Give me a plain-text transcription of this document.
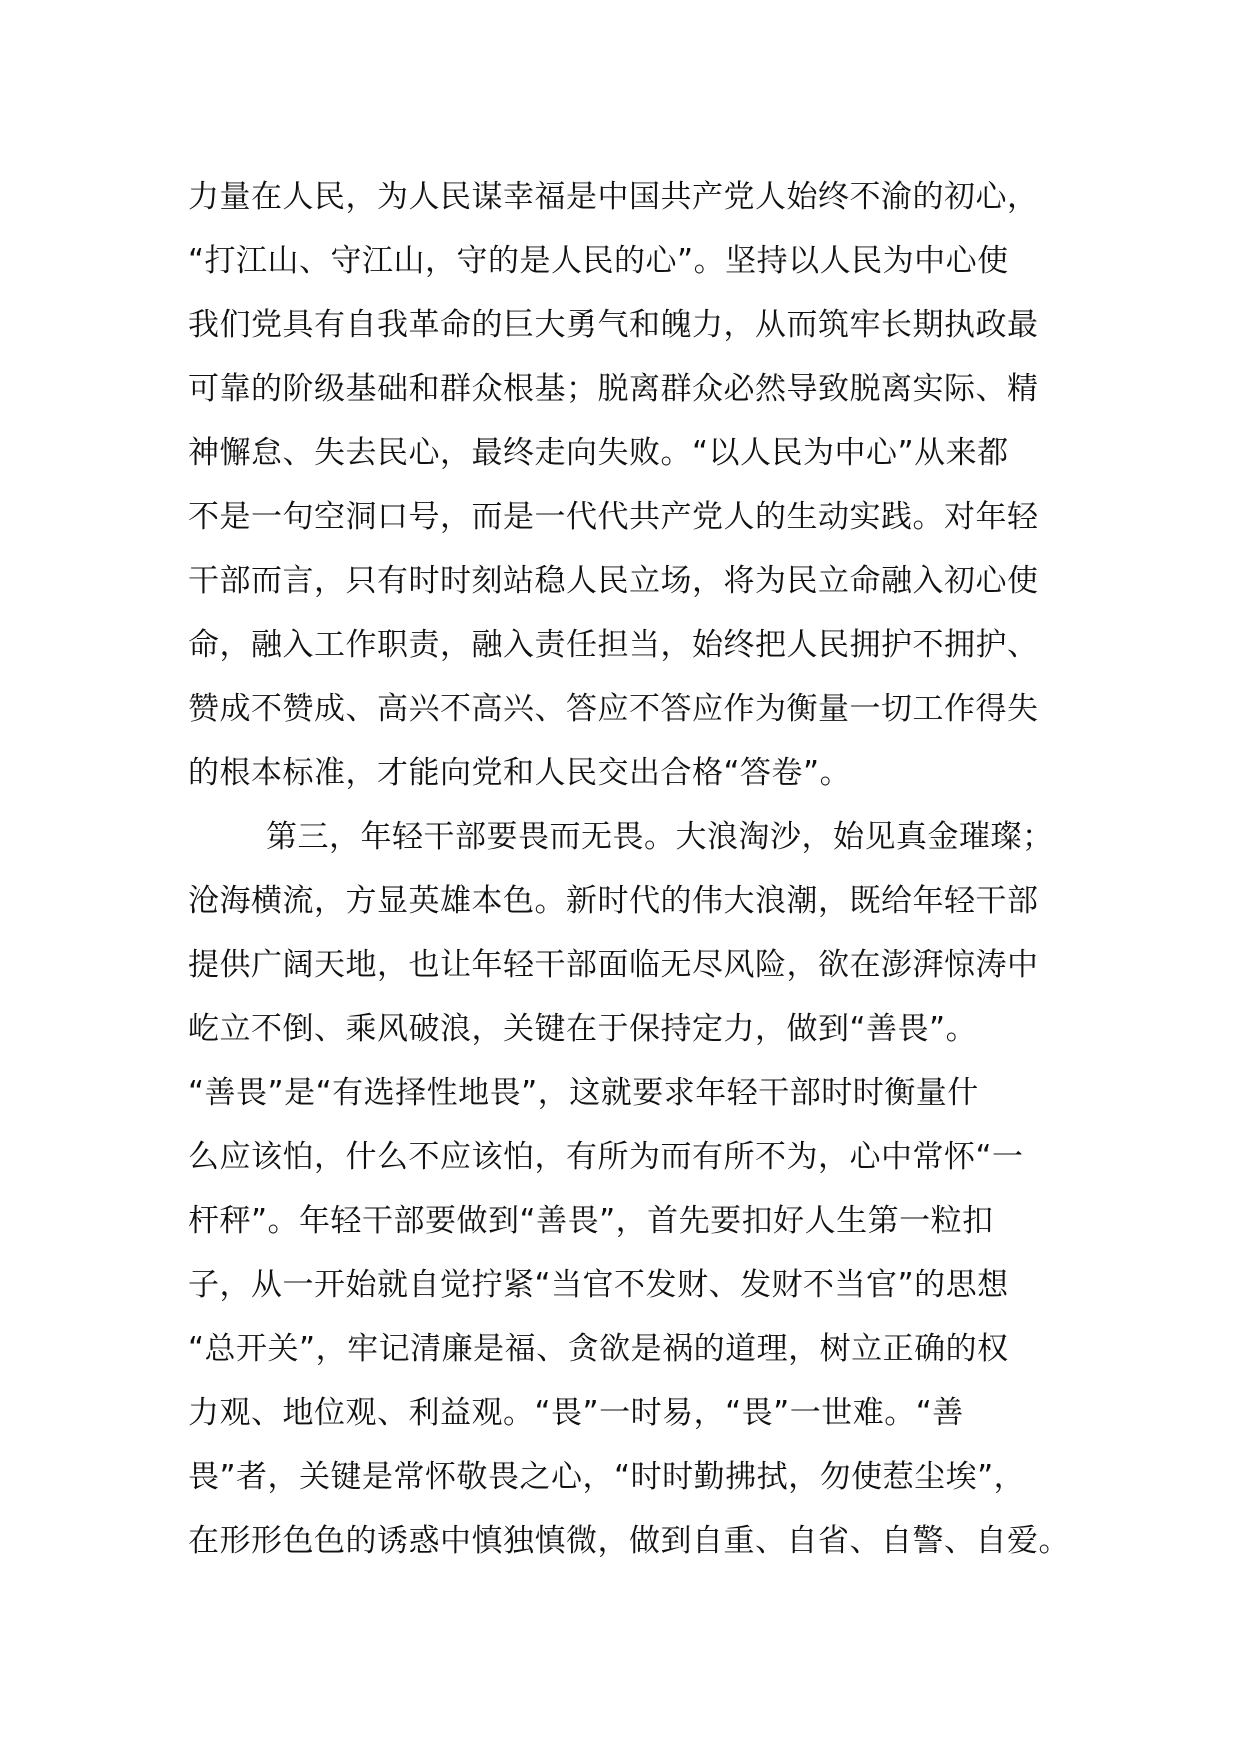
力量在人民，为人民谋幸福是中国共产党人始终不渝的初心，
“打江山、守江山，守的是人民的心”。坚持以人民为中心使
我们党具有自我革命的巨大勇气和魄力，从而筑牢长期执政最
可靠的阶级基础和群众根基；脱离群众必然导致脱离实际、精
神懈怠、失去民心，最终走向失败。“以人民为中心”从来都
不是一句空洞口号，而是一代代共产党人的生动实践。对年轻
干部而言，只有时时刻站稳人民立场，将为民立命融入初心使
命，融入工作职责，融入责任担当，始终把人民拥护不拥护、
赞成不赞成、高兴不高兴、答应不答应作为衡量一切工作得失
的根本标准，才能向党和人民交出合格“答卷”。
第三，年轻干部要畏而无畏。大浪淘沙，始见真金璀璨；
沧海横流，方显英雄本色。新时代的伟大浪潮，既给年轻干部
提供广阔天地，也让年轻干部面临无尽风险，欲在澎湃惊涛中
屹立不倒、乘风破浪，关键在于保持定力，做到“善畏”。
“善畏”是“有选择性地畏”，这就要求年轻干部时时衡量什
么应该怕，什么不应该怕，有所为而有所不为，心中常怀“一
杆秤”。年轻干部要做到“善畏”，首先要扣好人生第一粒扣
子，从一开始就自觉拧紧“当官不发财、发财不当官”的思想
“总开关”，牢记清廉是福、贪欲是祸的道理，树立正确的权
力观、地位观、利益观。“畏”一时易，“畏”一世难。“善
畏”者，关键是常怀敬畏之心，“时时勤拂拭，勿使惹尘埃”，
在形形色色的诱惑中慎独慎微，做到自重、自省、自警、自爱。
